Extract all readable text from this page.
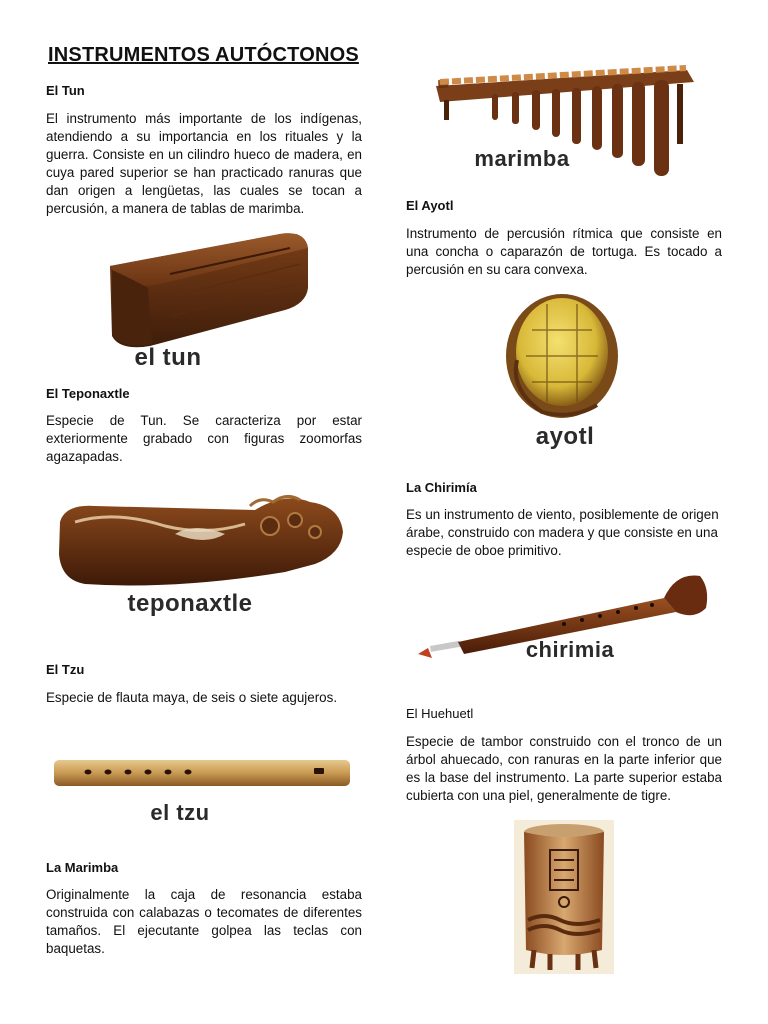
INSTRUMENTOS AUTÓCTONOS
El Tun

El instrumento más importante de los indígenas, atendiendo a su importancia en los rituales y la guerra. Consiste en un cilindro hueco de madera, en cuya pared superior se han practicado ranuras que dan origen a lengüetas, las cuales se tocan a percusión, a manera de tablas de marimba.

el tun
El Teponaxtle

Especie de Tun. Se caracteriza por estar exteriormente grabado con figuras zoomorfas agazapadas.

teponaxtle
El Tzu

Especie de flauta maya, de seis o siete agujeros.

el tzu
La Marimba

Originalmente la caja de resonancia estaba construida con calabazas o tecomates de diferentes tamaños. El ejecutante golpea las teclas con baquetas.

marimba
El Ayotl

Instrumento de percusión rítmica que consiste en una concha o caparazón de tortuga. Es tocado a percusión en su cara convexa.

ayotl
La Chirimía

Es un instrumento de viento, posiblemente de origen árabe, construido con madera y que consiste en una especie de oboe primitivo.

chirimia
El Huehuetl

Especie de tambor construido con el tronco de un árbol ahuecado, con ranuras en la parte inferior que es la base del instrumento. La parte superior estaba cubierta con una piel, generalmente de tigre.
